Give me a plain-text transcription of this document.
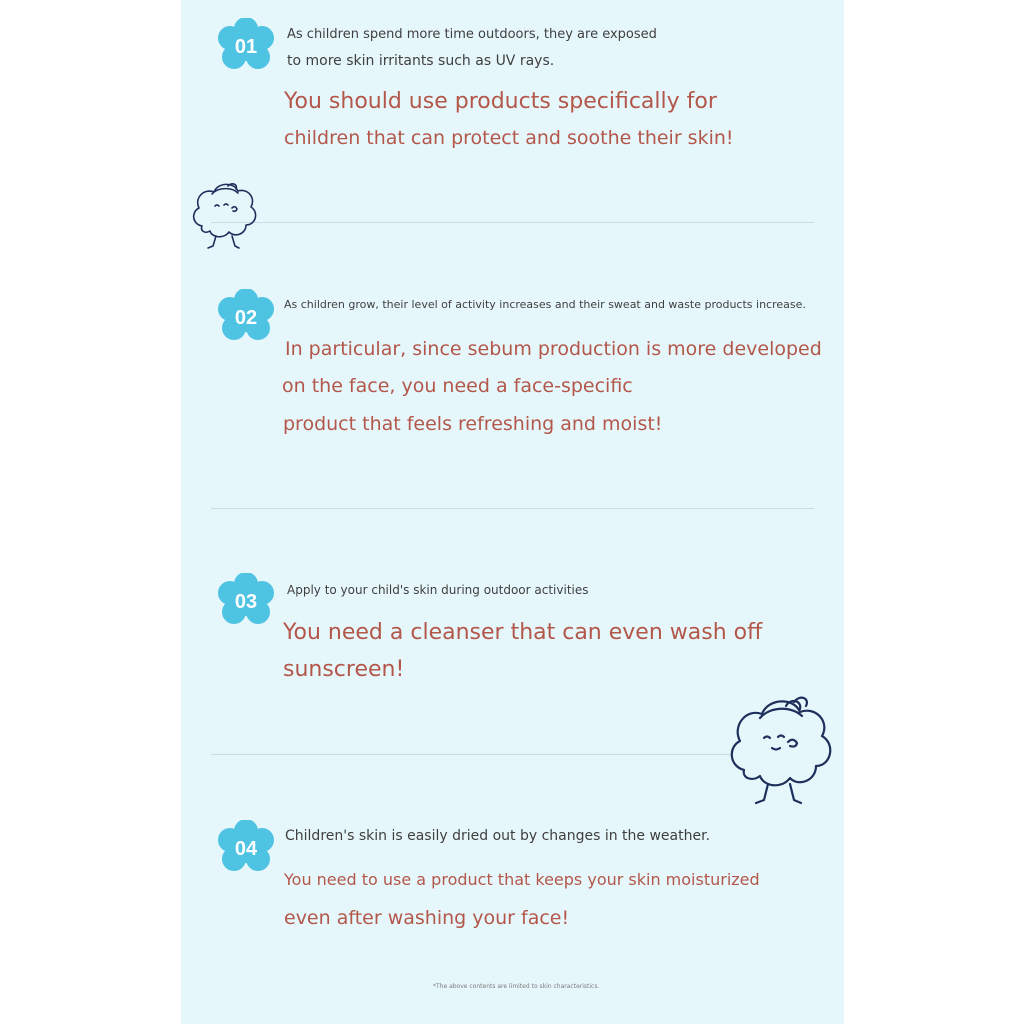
01

As children spend more time outdoors, they are exposed

to more skin irritants such as UV rays.

You should use products specifically for

children that can protect and soothe their skin!

02

As children grow, their level of activity increases and their sweat and waste products increase.

In particular, since sebum production is more developed

on the face, you need a face-specific

product that feels refreshing and moist!

03

Apply to your child's skin during outdoor activities

You need a cleanser that can even wash off

sunscreen!

04

Children's skin is easily dried out by changes in the weather.

You need to use a product that keeps your skin moisturized

even after washing your face!

*The above contents are limited to skin characteristics.
